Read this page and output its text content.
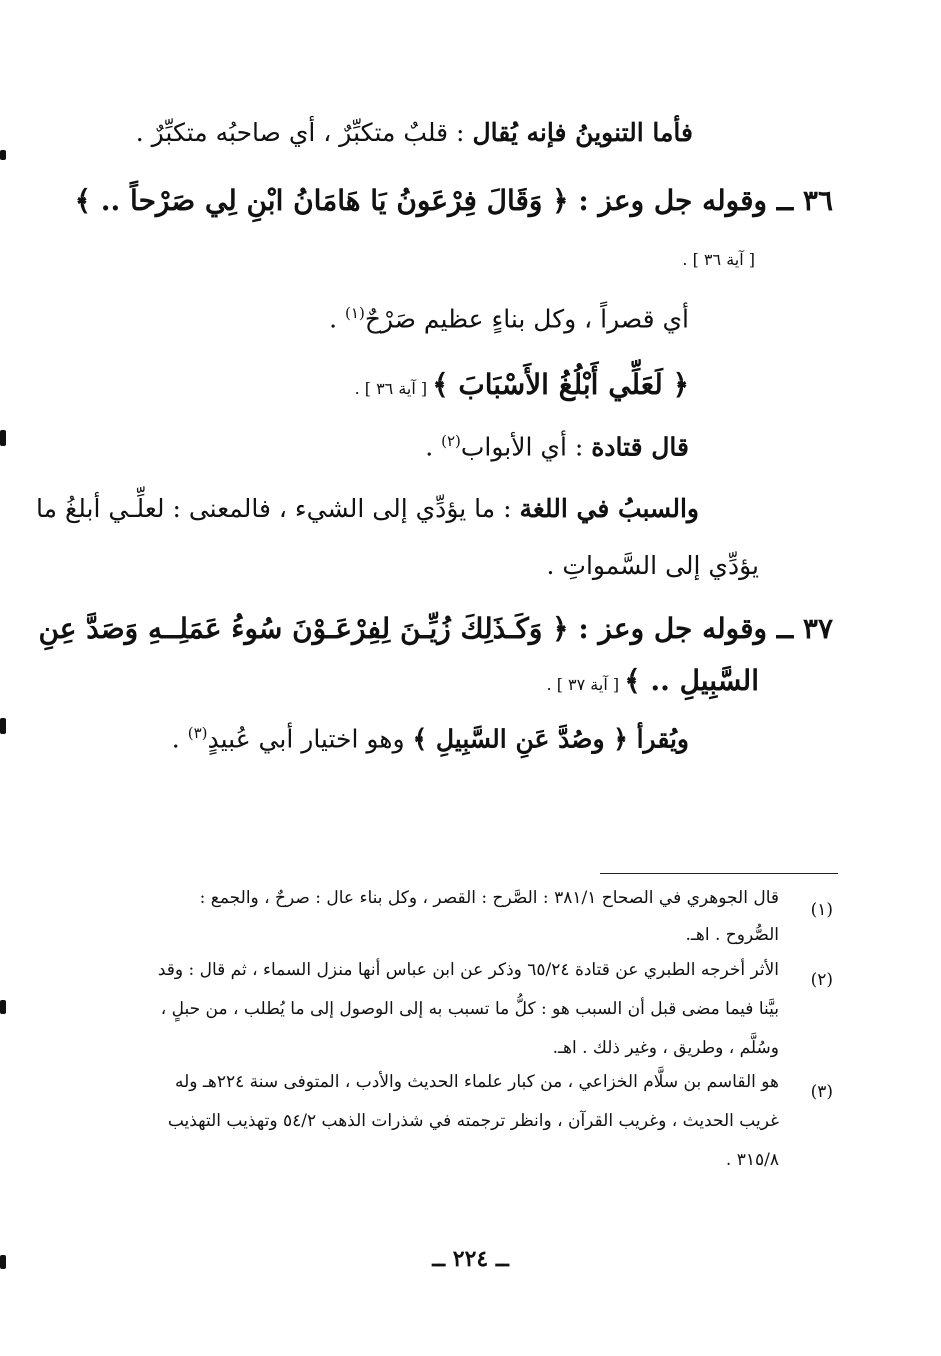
فأما التنوينُ فإنه يُقال : قلبٌ متكبِّرٌ ، أي صاحبُه متكبِّرٌ .
٣٦ ــ وقوله جل وعز : ﴿ وَقَالَ فِرْعَونُ يَا هَامَانُ ابْنِ لِي صَرْحاً .. ﴾
[ آية ٣٦ ] .
أي قصراً ، وكل بناءٍ عظيم صَرْحٌ$^{(١)}$ .
﴿ لَعَلِّي أَبْلُغُ الأَسْبَابَ ﴾ [ آية ٣٦ ] .
قال قتادة : أي الأبواب$^{(٢)}$ .
والسببُ في اللغة : ما يؤدِّي إلى الشيء ، فالمعنى : لعلِّـي أبلغُ ما
يؤدِّي إلى السَّمواتِ .
٣٧ ــ وقوله جل وعز : ﴿ وَكَـذَلِكَ زُيِّـنَ لِفِرْعَـوْنَ سُوءُ عَمَلِــهِ وَصَدَّ عِنِ
السَّبِيلِ .. ﴾ [ آية ٣٧ ] .
ويُقرأ ﴿ وصُدَّ عَنِ السَّبِيلِ ﴾ وهو اختيار أبي عُبيدٍ$^{(٣)}$ .
(١)
قال الجوهري في الصحاح ٣٨١/١ : الصَّرح : القصر ، وكل بناء عال : صرحٌ ، والجمع :
الصُّروح . اهـ.
(٢)
الأثر أخرجه الطبري عن قتادة ٦٥/٢٤ وذكر عن ابن عباس أنها منزل السماء ، ثم قال : وقد
بيَّنا فيما مضى قبل أن السبب هو : كلُّ ما تسبب به إلى الوصول إلى ما يُطلب ، من حبلٍ ،
وسُلَّم ، وطريق ، وغير ذلك . اهـ.
(٣)
هو القاسم بن سلَّام الخزاعي ، من كبار علماء الحديث والأدب ، المتوفى سنة ٢٢٤هـ وله
غريب الحديث ، وغريب القرآن ، وانظر ترجمته في شذرات الذهب ٥٤/٢ وتهذيب التهذيب
٣١٥/٨ .
ــ ٢٢٤ ــ
